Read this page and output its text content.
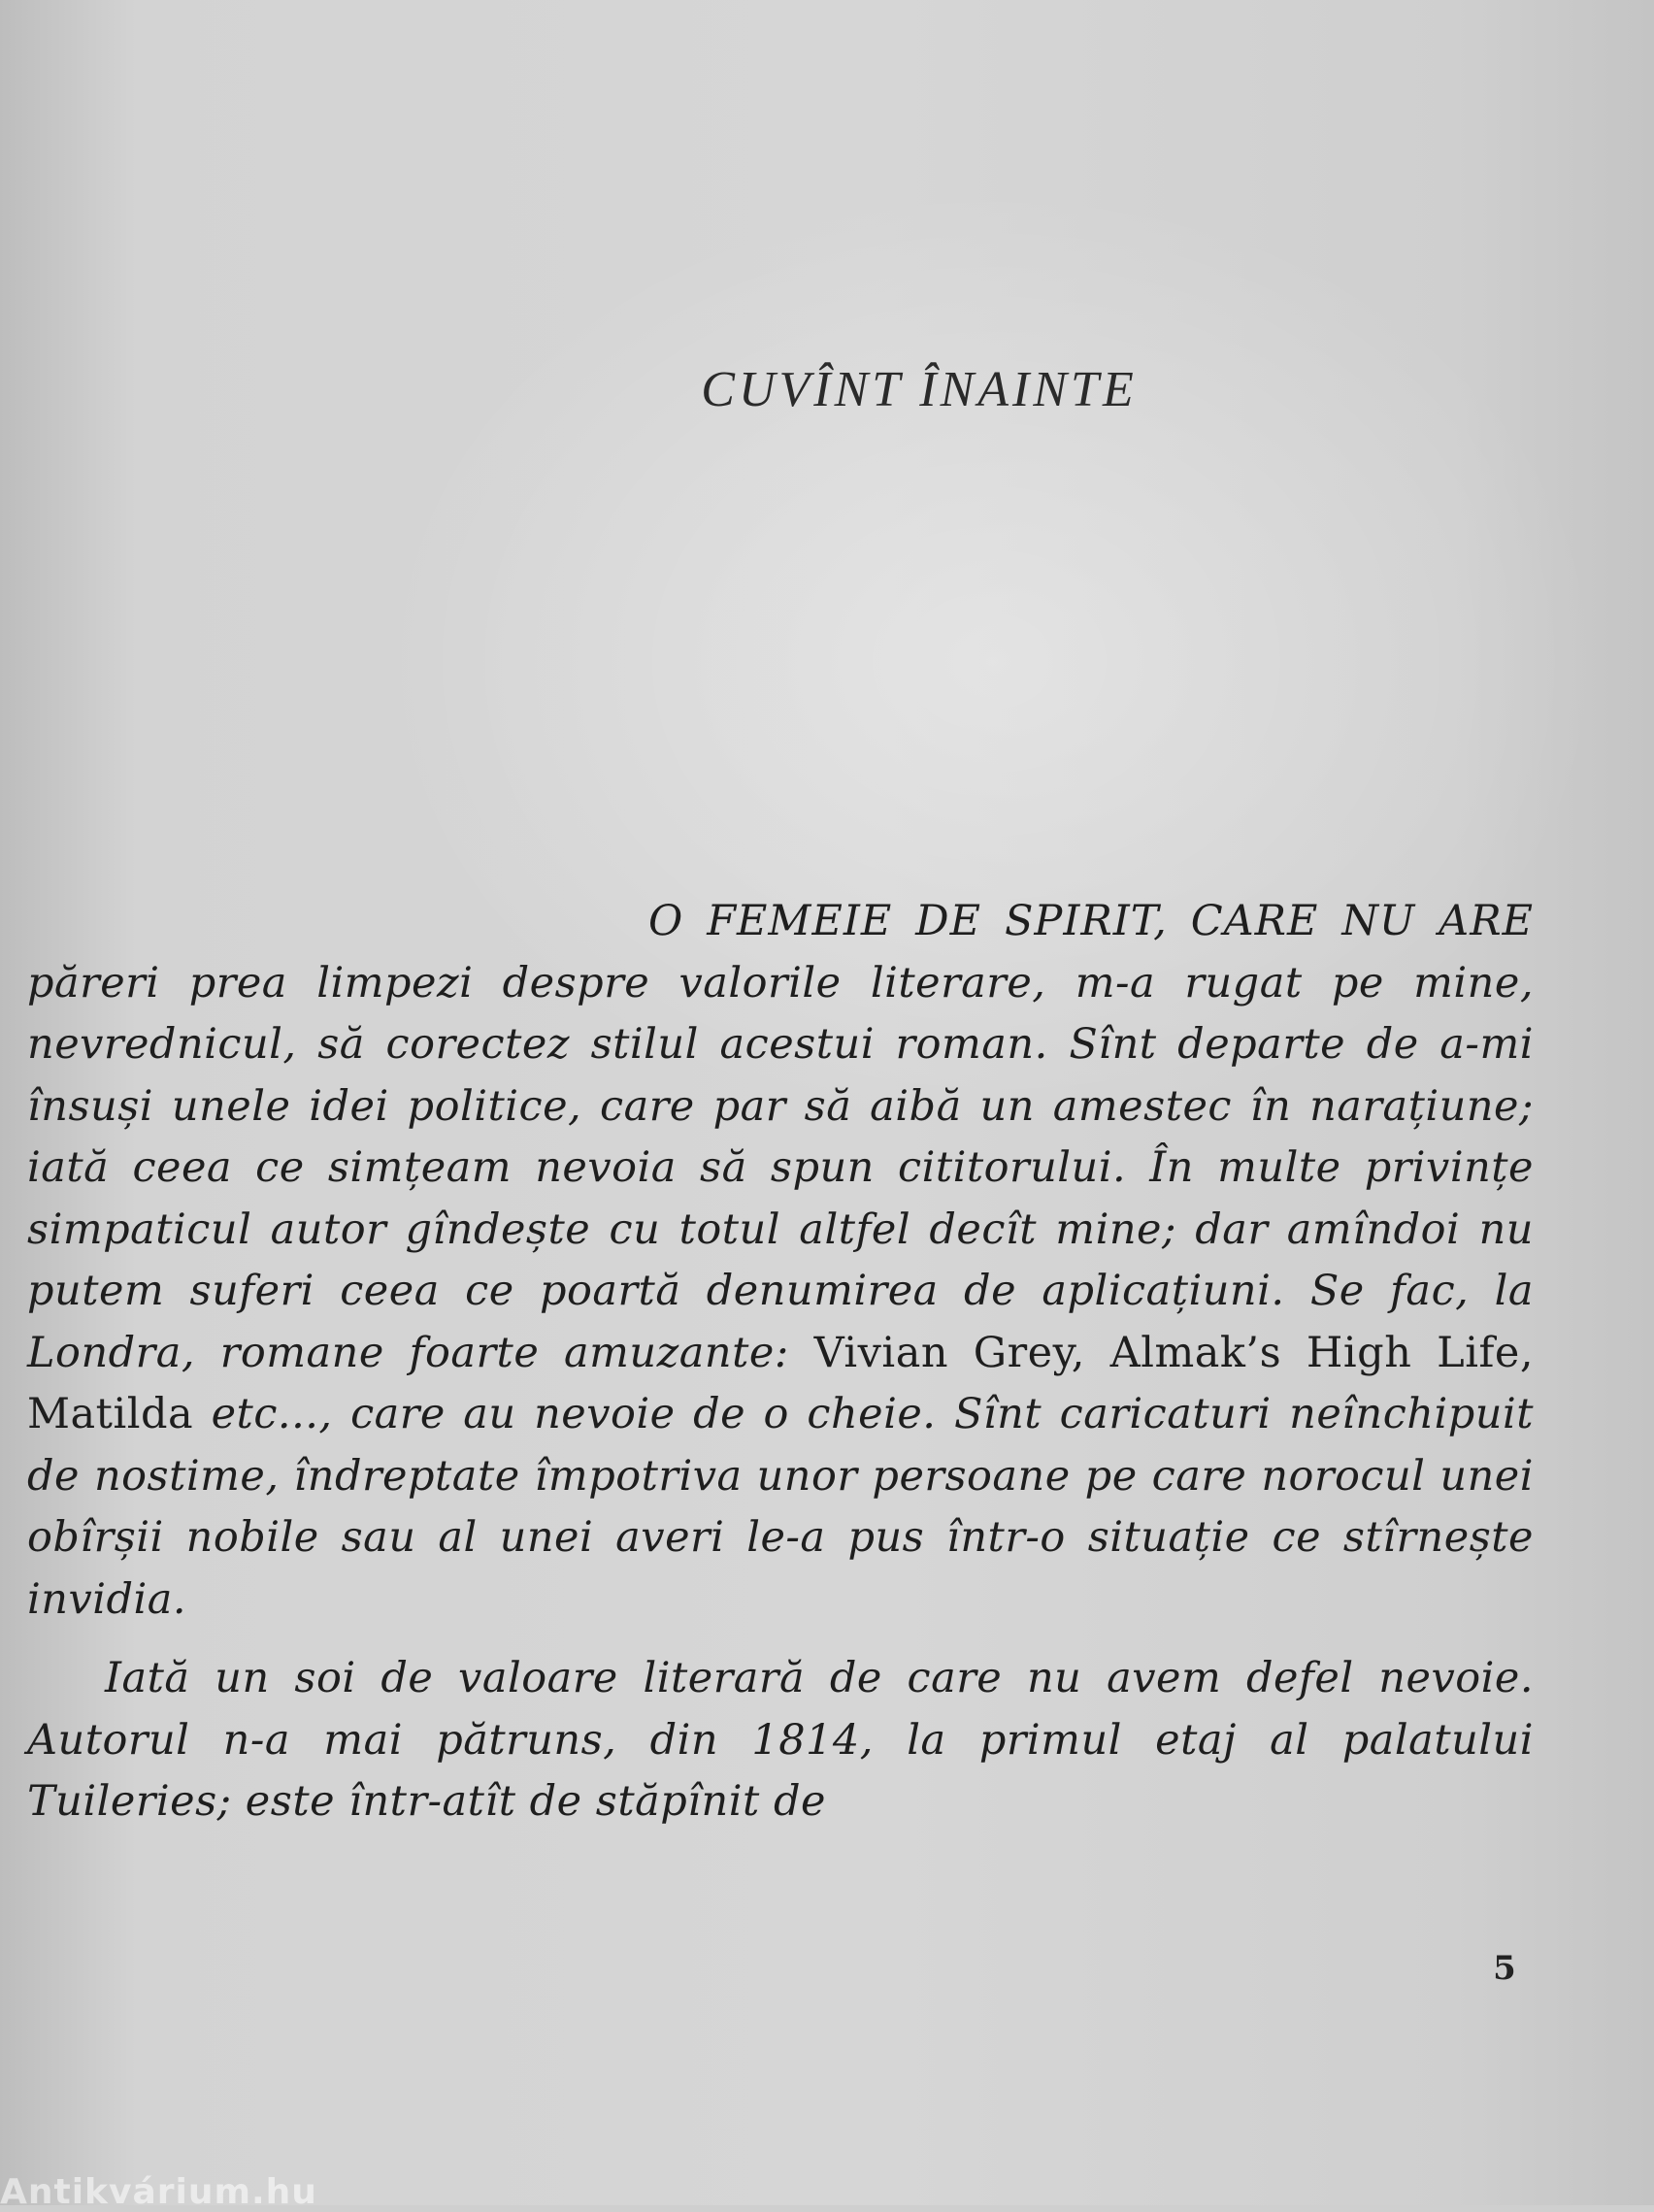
CUVÎNT ÎNAINTE

O FEMEIE DE SPIRIT, CARE NU ARE păreri prea limpezi despre valorile literare, m-a rugat pe mine, nevrednicul, să corectez stilul acestui roman. Sînt departe de a-mi însuși unele idei politice, care par să aibă un amestec în narațiune; iată ceea ce simțeam nevoia să spun cititorului. În multe privințe simpaticul autor gîndește cu totul altfel decît mine; dar amîndoi nu putem suferi ceea ce poartă denumirea de aplicațiuni. Se fac, la Londra, romane foarte amuzante: Vivian Grey, Almak’s High Life, Matilda etc..., care au nevoie de o cheie. Sînt caricaturi neînchipuit de nostime, îndreptate împotriva unor persoane pe care norocul unei obîrșii nobile sau al unei averi le-a pus într-o situație ce stîrnește invidia.

Iată un soi de valoare literară de care nu avem defel nevoie. Autorul n-a mai pătruns, din 1814, la primul etaj al palatului Tuileries; este într-atît de stăpînit de

5
Antikvárium.hu
